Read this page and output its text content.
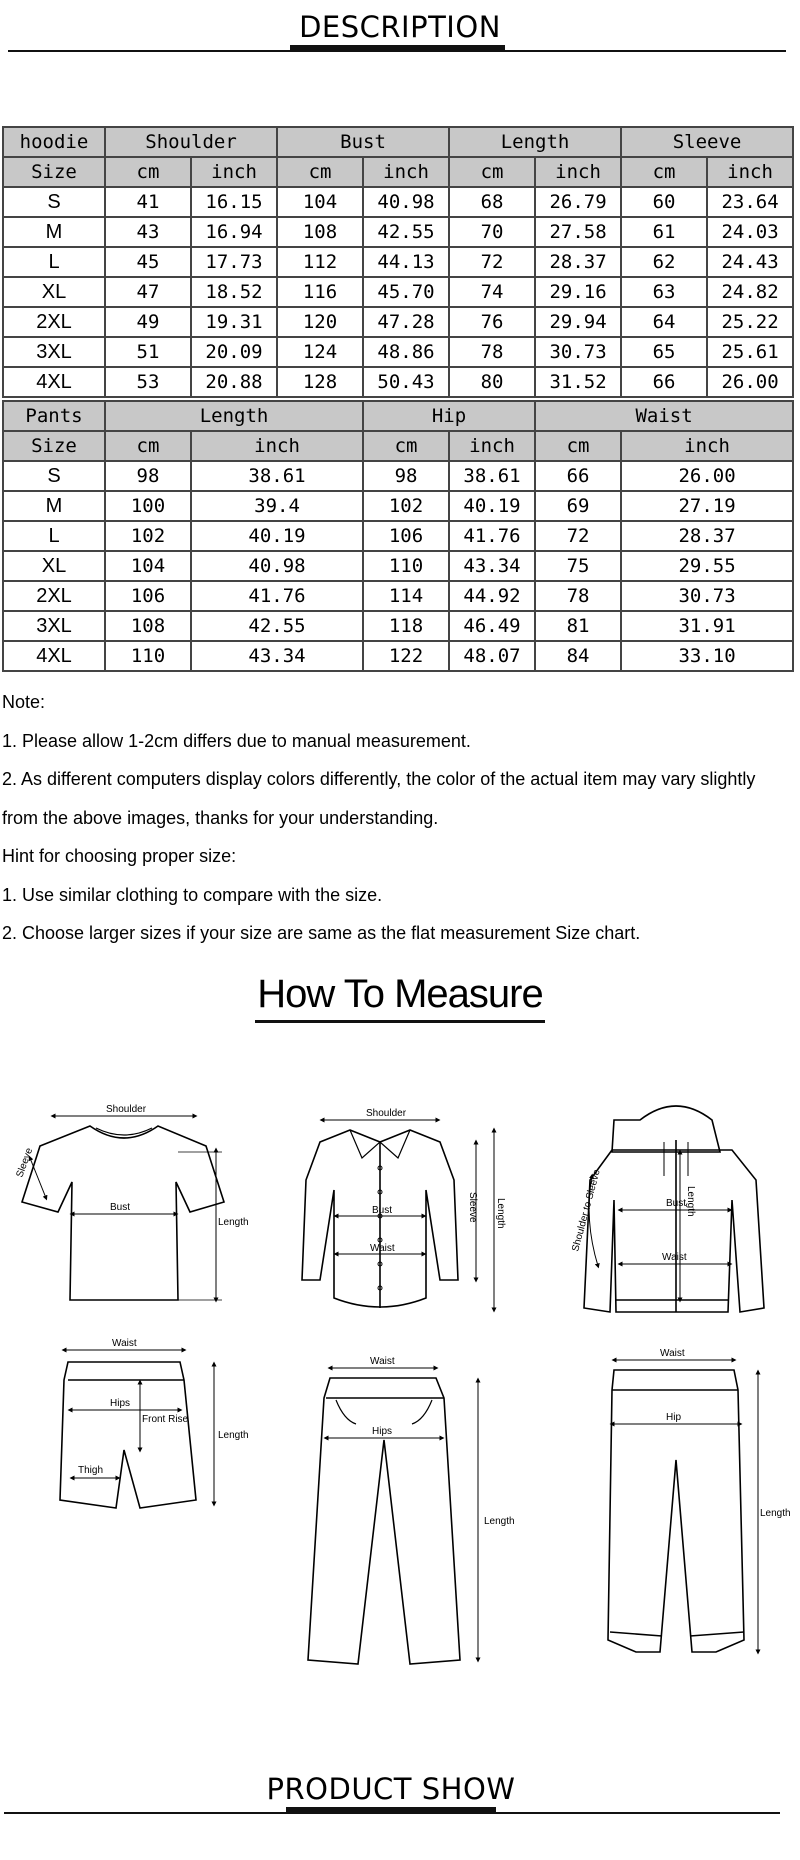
DESCRIPTION
hoodie	Shoulder		Bust		Length		Sleeve	
Size	cm	inch	cm	inch	cm	inch	cm	inch
S	41	16.15	104	40.98	68	26.79	60	23.64
M	43	16.94	108	42.55	70	27.58	61	24.03
L	45	17.73	112	44.13	72	28.37	62	24.43
XL	47	18.52	116	45.70	74	29.16	63	24.82
2XL	49	19.31	120	47.28	76	29.94	64	25.22
3XL	51	20.09	124	48.86	78	30.73	65	25.61
4XL	53	20.88	128	50.43	80	31.52	66	26.00
Pants	Length		Hip		Waist	
Size	cm	inch	cm	inch	cm	inch
S	98	38.61	98	38.61	66	26.00
M	100	39.4	102	40.19	69	27.19
L	102	40.19	106	41.76	72	28.37
XL	104	40.98	110	43.34	75	29.55
2XL	106	41.76	114	44.92	78	30.73
3XL	108	42.55	118	46.49	81	31.91
4XL	110	43.34	122	48.07	84	33.10

Note:

1. Please allow 1-2cm differs due to manual measurement.

2. As different computers display colors differently, the color of the actual item may vary slightly

from the above images, thanks for your understanding.

Hint for choosing proper size:

1. Use similar clothing to compare with the size.

2. Choose larger sizes if your size are same as the flat measurement Size chart.

How To Measure
Shoulder
Sleeve
Bust
Length
Waist
Hips
Front Rise
Thigh
Length
Shoulder
Bust
Waist
Sleeve Length
Waist
Hips
Length
Shoulder to Sleeve	Bust
Length
Waist
Waist
Hip
Length
PRODUCT SHOW
